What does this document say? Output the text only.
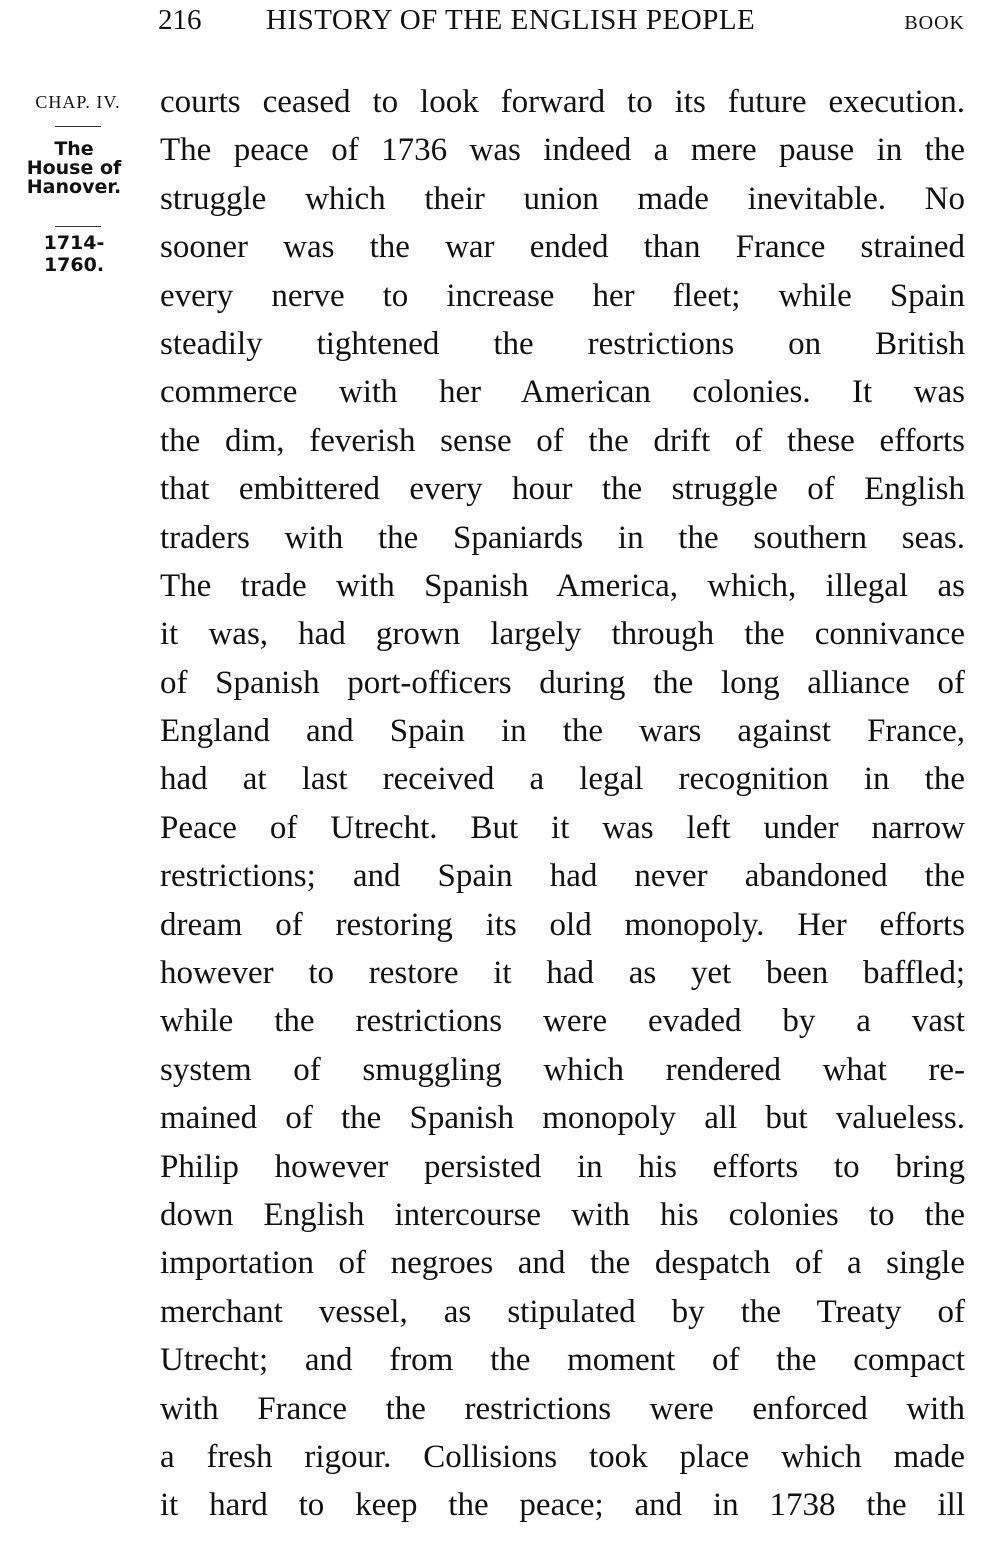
216 HISTORY OF THE ENGLISH PEOPLE	BOOK
CHAP. IV.
The
House of
Hanover.
1714-1760.
courts ceased to look forward to its future execution.
The peace of 1736 was indeed a mere pause in the
struggle which their union made inevitable. No
sooner was the war ended than France strained
every nerve to increase her fleet; while Spain
steadily tightened the restrictions on British
commerce with her American colonies. It was
the dim, feverish sense of the drift of these efforts
that embittered every hour the struggle of English
traders with the Spaniards in the southern seas.
The trade with Spanish America, which, illegal as
it was, had grown largely through the connivance
of Spanish port-officers during the long alliance of
England and Spain in the wars against France,
had at last received a legal recognition in the
Peace of Utrecht. But it was left under narrow
restrictions; and Spain had never abandoned the
dream of restoring its old monopoly. Her efforts
however to restore it had as yet been baffled;
while the restrictions were evaded by a vast
system of smuggling which rendered what re-
mained of the Spanish monopoly all but valueless.
Philip however persisted in his efforts to bring
down English intercourse with his colonies to the
importation of negroes and the despatch of a single
merchant vessel, as stipulated by the Treaty of
Utrecht; and from the moment of the compact
with France the restrictions were enforced with
a fresh rigour. Collisions took place which made
it hard to keep the peace; and in 1738 the ill
